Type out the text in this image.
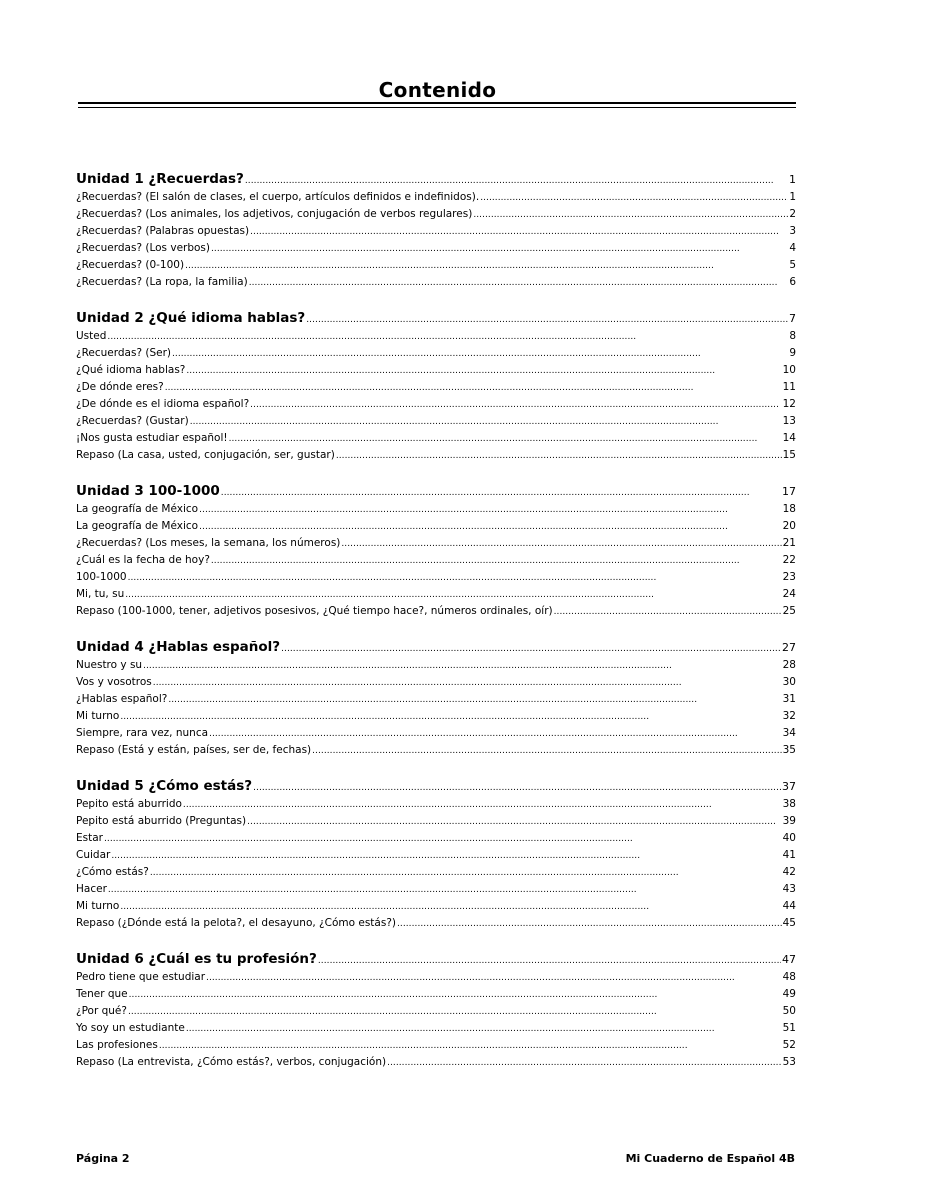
Contenido
Unidad 1 ¿Recuerdas? . . .	1
¿Recuerdas? (El salón de clases, el cuerpo, artículos definidos e indefinidos). . . .	1
¿Recuerdas? (Los animales, los adjetivos, conjugación de verbos regulares) . . .	2
¿Recuerdas? (Palabras opuestas) . . .	3
¿Recuerdas? (Los verbos) . . .	4
¿Recuerdas? (0-100) . . .	5
¿Recuerdas? (La ropa, la familia) . . .	6
Unidad 2 ¿Qué idioma hablas? . . .	7
Usted . . .	8
¿Recuerdas? (Ser) . . .	9
¿Qué idioma hablas? . . .	10
¿De dónde eres? . . .	11
¿De dónde es el idioma español? . . .	12
¿Recuerdas? (Gustar) . . .	13
¡Nos gusta estudiar español! . . .	14
Repaso (La casa, usted, conjugación, ser, gustar) . . .	15
Unidad 3 100-1000 . . .	17
La geografía de México . . .	18
La geografía de México . . .	20
¿Recuerdas? (Los meses, la semana, los números) . . .	21
¿Cuál es la fecha de hoy? . . .	22
100-1000 . . .	23
Mi, tu, su . . .	24
Repaso (100-1000, tener, adjetivos posesivos, ¿Qué tiempo hace?, números ordinales, oír) . . .	25
Unidad 4 ¿Hablas español? . . .	27
Nuestro y su . . .	28
Vos y vosotros . . .	30
¿Hablas español? . . .	31
Mi turno . . .	32
Siempre, rara vez, nunca . . .	34
Repaso (Está y están, países, ser de, fechas) . . .	35
Unidad 5 ¿Cómo estás? . . .	37
Pepito está aburrido . . .	38
Pepito está aburrido (Preguntas) . . .	39
Estar . . .	40
Cuidar . . .	41
¿Cómo estás? . . .	42
Hacer . . .	43
Mi turno . . .	44
Repaso (¿Dónde está la pelota?, el desayuno, ¿Cómo estás?) . . .	45
Unidad 6 ¿Cuál es tu profesión? . . .	47
Pedro tiene que estudiar . . .	48
Tener que . . .	49
¿Por qué? . . .	50
Yo soy un estudiante . . .	51
Las profesiones . . .	52
Repaso (La entrevista, ¿Cómo estás?, verbos, conjugación) . . .	53
Página 2	Mi Cuaderno de Español 4B
